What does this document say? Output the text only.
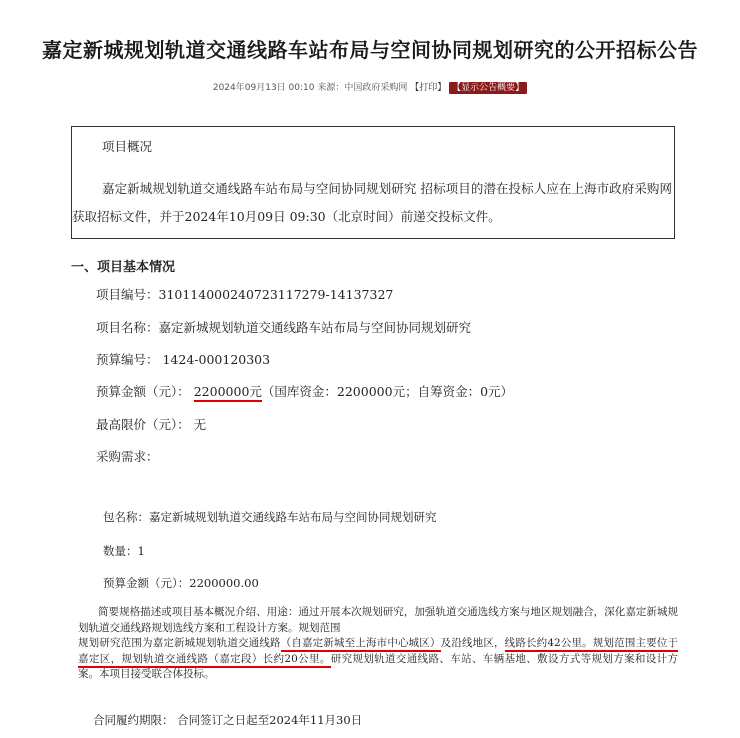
嘉定新城规划轨道交通线路车站布局与空间协同规划研究的公开招标公告
2024年09月13日 00:10 来源：中国政府采购网 【打印】 【显示公告概要】
项目概况
嘉定新城规划轨道交通线路车站布局与空间协同规划研究 招标项目的潜在投标人应在上海市政府采购网获取招标文件，并于2024年10月09日 09:30（北京时间）前递交投标文件。
一、项目基本情况
项目编号：310114000240723117279-14137327
项目名称：嘉定新城规划轨道交通线路车站布局与空间协同规划研究
预算编号： 1424-000120303
预算金额（元）： 2200000元（国库资金：2200000元；自筹资金：0元）
最高限价（元）： 无
采购需求：
包名称：嘉定新城规划轨道交通线路车站布局与空间协同规划研究
数量：1
预算金额（元）：2200000.00
简要规格描述或项目基本概况介绍、用途：通过开展本次规划研究，加强轨道交通选线方案与地区规划融合，深化嘉定新城规划轨道交通线路规划选线方案和工程设计方案。规划范围
规划研究范围为嘉定新城规划轨道交通线路（自嘉定新城至上海市中心城区）及沿线地区，线路长约42公里。规划范围主要位于嘉定区，规划轨道交通线路（嘉定段）长约20公里。研究规划轨道交通线路、车站、车辆基地、敷设方式等规划方案和设计方案。本项目接受联合体投标。
合同履约期限： 合同签订之日起至2024年11月30日
